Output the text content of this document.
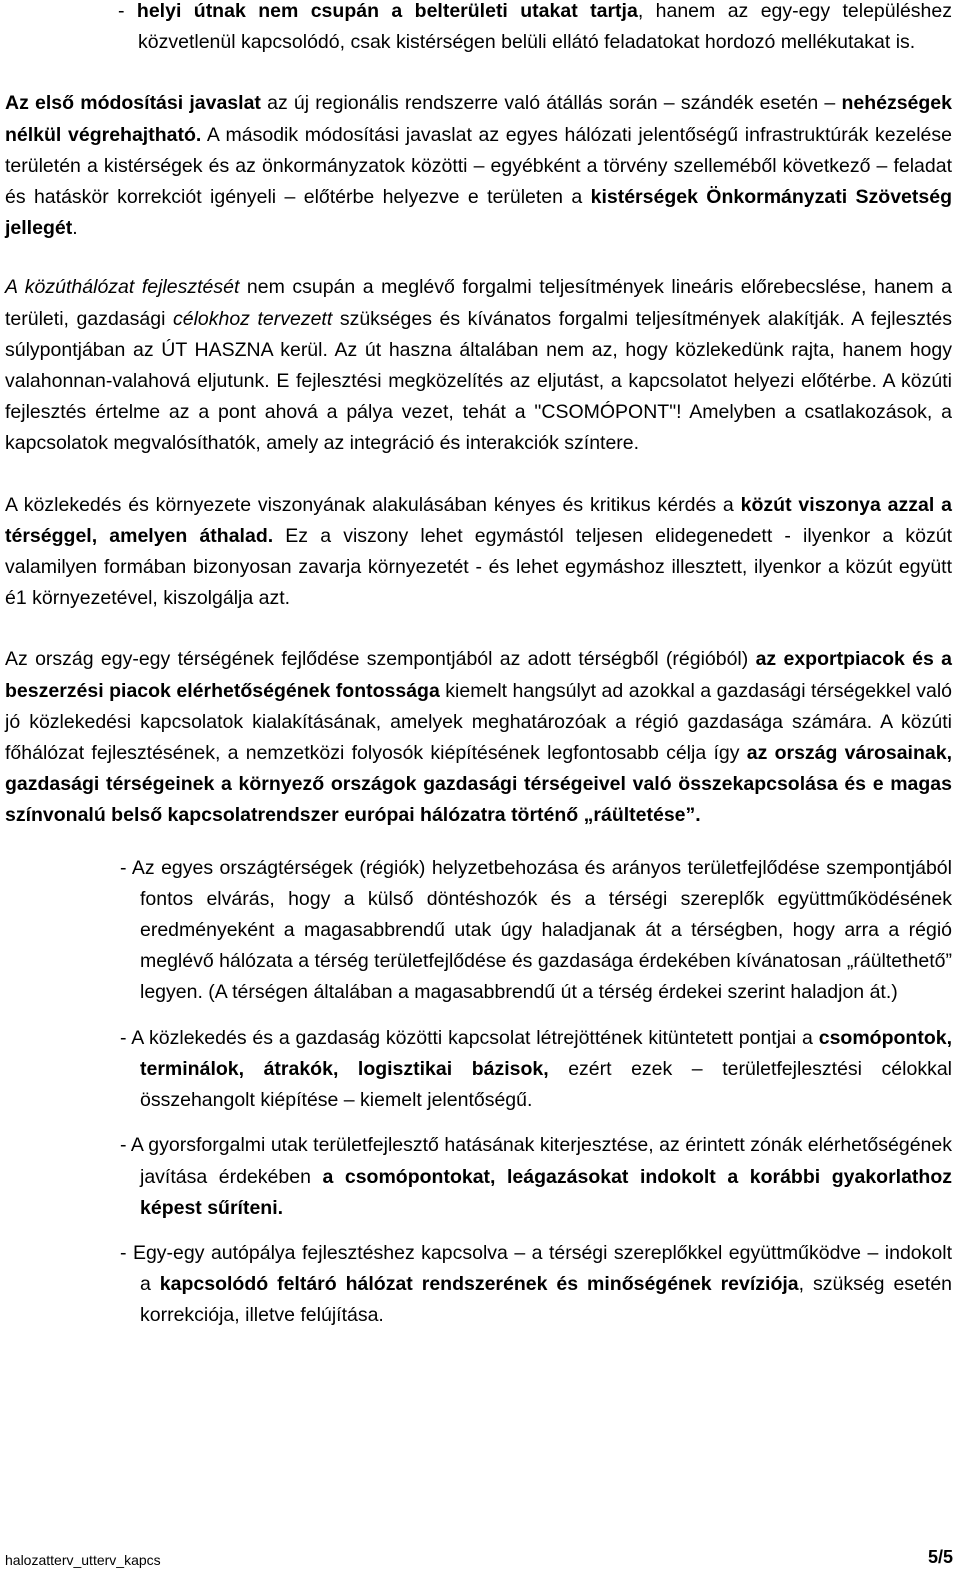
- helyi útnak nem csupán a belterületi utakat tartja, hanem az egy-egy településhez közvetlenül kapcsolódó, csak kistérségen belüli ellátó feladatokat hordozó mellékutakat is.

Az első módosítási javaslat az új regionális rendszerre való átállás során – szándék esetén – nehézségek nélkül végrehajtható. A második módosítási javaslat az egyes hálózati jelentőségű infrastruktúrák kezelése területén a kistérségek és az önkormányzatok közötti – egyébként a törvény szelleméből következő – feladat és hatáskör korrekciót igényeli – előtérbe helyezve e területen a kistérségek Önkormányzati Szövetség jellegét.

A közúthálózat fejlesztését nem csupán a meglévő forgalmi teljesítmények lineáris előrebecslése, hanem a területi, gazdasági célokhoz tervezett szükséges és kívánatos forgalmi teljesítmények alakítják. A fejlesztés súlypontjában az ÚT HASZNA kerül. Az út haszna általában nem az, hogy közlekedünk rajta, hanem hogy valahonnan-valahová eljutunk. E fejlesztési megközelítés az eljutást, a kapcsolatot helyezi előtérbe. A közúti fejlesztés értelme az a pont ahová a pálya vezet, tehát a "CSOMÓPONT"! Amelyben a csatlakozások, a kapcsolatok megvalósíthatók, amely az integráció és interakciók színtere.

A közlekedés és környezete viszonyának alakulásában kényes és kritikus kérdés a közút viszonya azzal a térséggel, amelyen áthalad. Ez a viszony lehet egymástól teljesen elidegenedett - ilyenkor a közút valamilyen formában bizonyosan zavarja környezetét - és lehet egymáshoz illesztett, ilyenkor a közút együtt é1 környezetével, kiszolgálja azt.

Az ország egy-egy térségének fejlődése szempontjából az adott térségből (régióból) az exportpiacok és a beszerzési piacok elérhetőségének fontossága kiemelt hangsúlyt ad azokkal a gazdasági térségekkel való jó közlekedési kapcsolatok kialakításának, amelyek meghatározóak a régió gazdasága számára. A közúti főhálózat fejlesztésének, a nemzetközi folyosók kiépítésének legfontosabb célja így az ország városainak, gazdasági térségeinek a környező országok gazdasági térségeivel való összekapcsolása és e magas színvonalú belső kapcsolatrendszer európai hálózatra történő „ráültetése”.

- Az egyes országtérségek (régiók) helyzetbehozása és arányos területfejlődése szempontjából fontos elvárás, hogy a külső döntéshozók és a térségi szereplők együttműködésének eredményeként a magasabbrendű utak úgy haladjanak át a térségben, hogy arra a régió meglévő hálózata a térség területfejlődése és gazdasága érdekében kívánatosan „ráültethető” legyen. (A térségen általában a magasabbrendű út a térség érdekei szerint haladjon át.)
- A közlekedés és a gazdaság közötti kapcsolat létrejöttének kitüntetett pontjai a csomópontok, terminálok, átrakók, logisztikai bázisok, ezért ezek – területfejlesztési célokkal összehangolt kiépítése – kiemelt jelentőségű.
- A gyorsforgalmi utak területfejlesztő hatásának kiterjesztése, az érintett zónák elérhetőségének javítása érdekében a csomópontokat, leágazásokat indokolt a korábbi gyakorlathoz képest sűríteni.
- Egy-egy autópálya fejlesztéshez kapcsolva – a térségi szereplőkkel együttműködve – indokolt a kapcsolódó feltáró hálózat rendszerének és minőségének revíziója, szükség esetén korrekciója, illetve felújítása.
halozatterv_utterv_kapcs	5/5
